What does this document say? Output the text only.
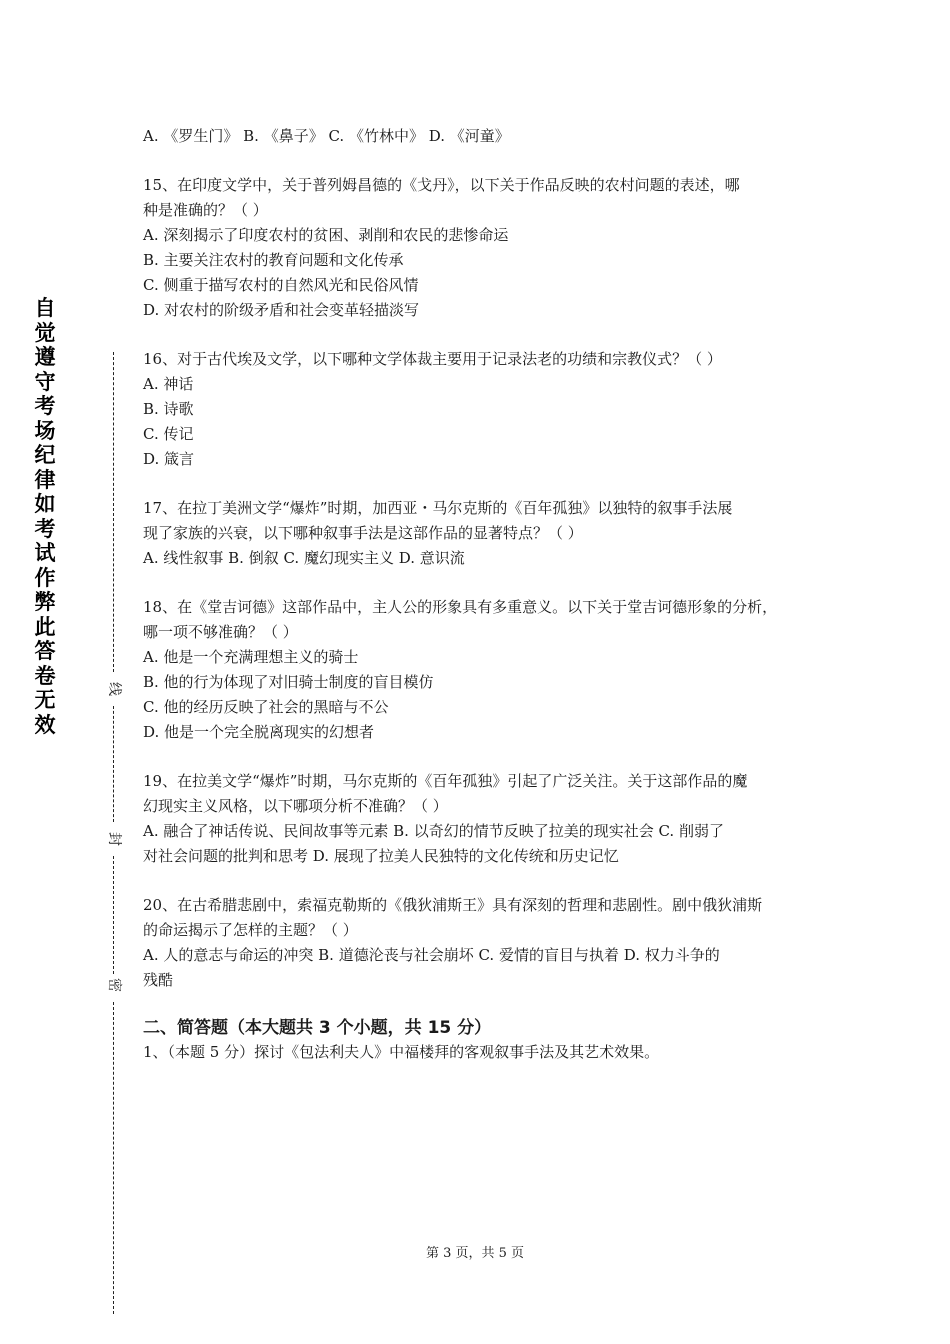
自觉遵守考场纪律如考试作弊此答卷无效
线
封
密

A. 《罗生门》 B. 《鼻子》 C. 《竹林中》 D. 《河童》

15、在印度文学中，关于普列姆昌德的《戈丹》，以下关于作品反映的农村问题的表述，哪

种是准确的？（ ）

A. 深刻揭示了印度农村的贫困、剥削和农民的悲惨命运

B. 主要关注农村的教育问题和文化传承

C. 侧重于描写农村的自然风光和民俗风情

D. 对农村的阶级矛盾和社会变革轻描淡写

16、对于古代埃及文学，以下哪种文学体裁主要用于记录法老的功绩和宗教仪式？（ ）

A. 神话

B. 诗歌

C. 传记

D. 箴言

17、在拉丁美洲文学“爆炸”时期，加西亚・马尔克斯的《百年孤独》以独特的叙事手法展

现了家族的兴衰，以下哪种叙事手法是这部作品的显著特点？（ ）

A. 线性叙事 B. 倒叙 C. 魔幻现实主义 D. 意识流

18、在《堂吉诃德》这部作品中，主人公的形象具有多重意义。以下关于堂吉诃德形象的分析，

哪一项不够准确？（ ）

A. 他是一个充满理想主义的骑士

B. 他的行为体现了对旧骑士制度的盲目模仿

C. 他的经历反映了社会的黑暗与不公

D. 他是一个完全脱离现实的幻想者

19、在拉美文学“爆炸”时期，马尔克斯的《百年孤独》引起了广泛关注。关于这部作品的魔

幻现实主义风格，以下哪项分析不准确？（ ）

A. 融合了神话传说、民间故事等元素 B. 以奇幻的情节反映了拉美的现实社会 C. 削弱了

对社会问题的批判和思考 D. 展现了拉美人民独特的文化传统和历史记忆

20、在古希腊悲剧中，索福克勒斯的《俄狄浦斯王》具有深刻的哲理和悲剧性。剧中俄狄浦斯

的命运揭示了怎样的主题？（ ）

A. 人的意志与命运的冲突 B. 道德沦丧与社会崩坏 C. 爱情的盲目与执着 D. 权力斗争的

残酷

二、简答题（本大题共 3 个小题，共 15 分）

1、（本题 5 分）探讨《包法利夫人》中福楼拜的客观叙事手法及其艺术效果。

第 3 页，共 5 页
